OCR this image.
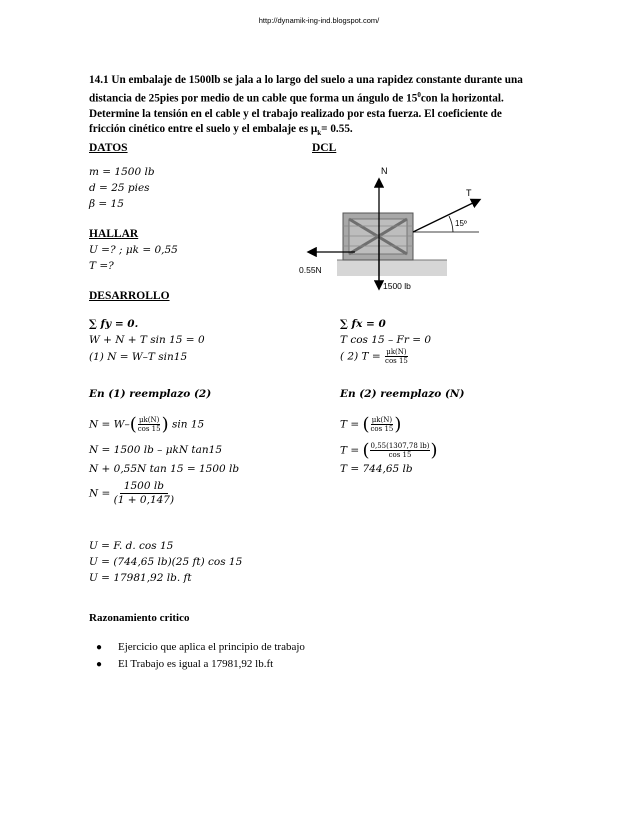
http://dynamik-ing-ind.blogspot.com/
14.1 Un embalaje de 1500lb se jala a lo largo del suelo a una rapidez constante durante una
distancia de 25pies por medio de un cable que forma un ángulo de $15^0con$ la horizontal.
Determine la tensión en el cable y el trabajo realizado por esta fuerza. El coeficiente de
fricción cinético entre el suelo y el embalaje es $\mu_k= 0.55$.
DATOS	DCL
m = 1500 lb
d = 25 pies
β = 15
HALLAR
U =? ; μk = 0,55
T =?
N
T
15º
0.55N
1500 lb
DESARROLLO
∑ fy = 0.
W + N + T sin 15 = 0
(1) N = W–T sin15
∑ fx = 0
T cos 15 – Fr = 0
( 2) $T = \frac{\mu k(N)}{\cos 15}$
En (1) reemplazo (2)	En (2) reemplazo (N)
$N = W-( \frac{\mu k(N)}{\cos 15}$ ) sin 15
N = 1500 lb – μkN tan15
N + 0,55N tan 15 = 1500 lb
$N = \frac{1500 lb}{(1 + 0,147)}$
T = ( $\frac{\mu k(N)}{\cos 15}$ )
T = ( $\frac{0,55(1307,78 lb)}{\cos 15}$ )
T = 744,65 lb
U = F. d. cos 15
U = (744,65 lb)(25 ft) cos 15
U = 17981,92 lb. ft
Razonamiento critico
● Ejercicio que aplica el principio de trabajo
● El Trabajo es igual a 17981,92 lb.ft
